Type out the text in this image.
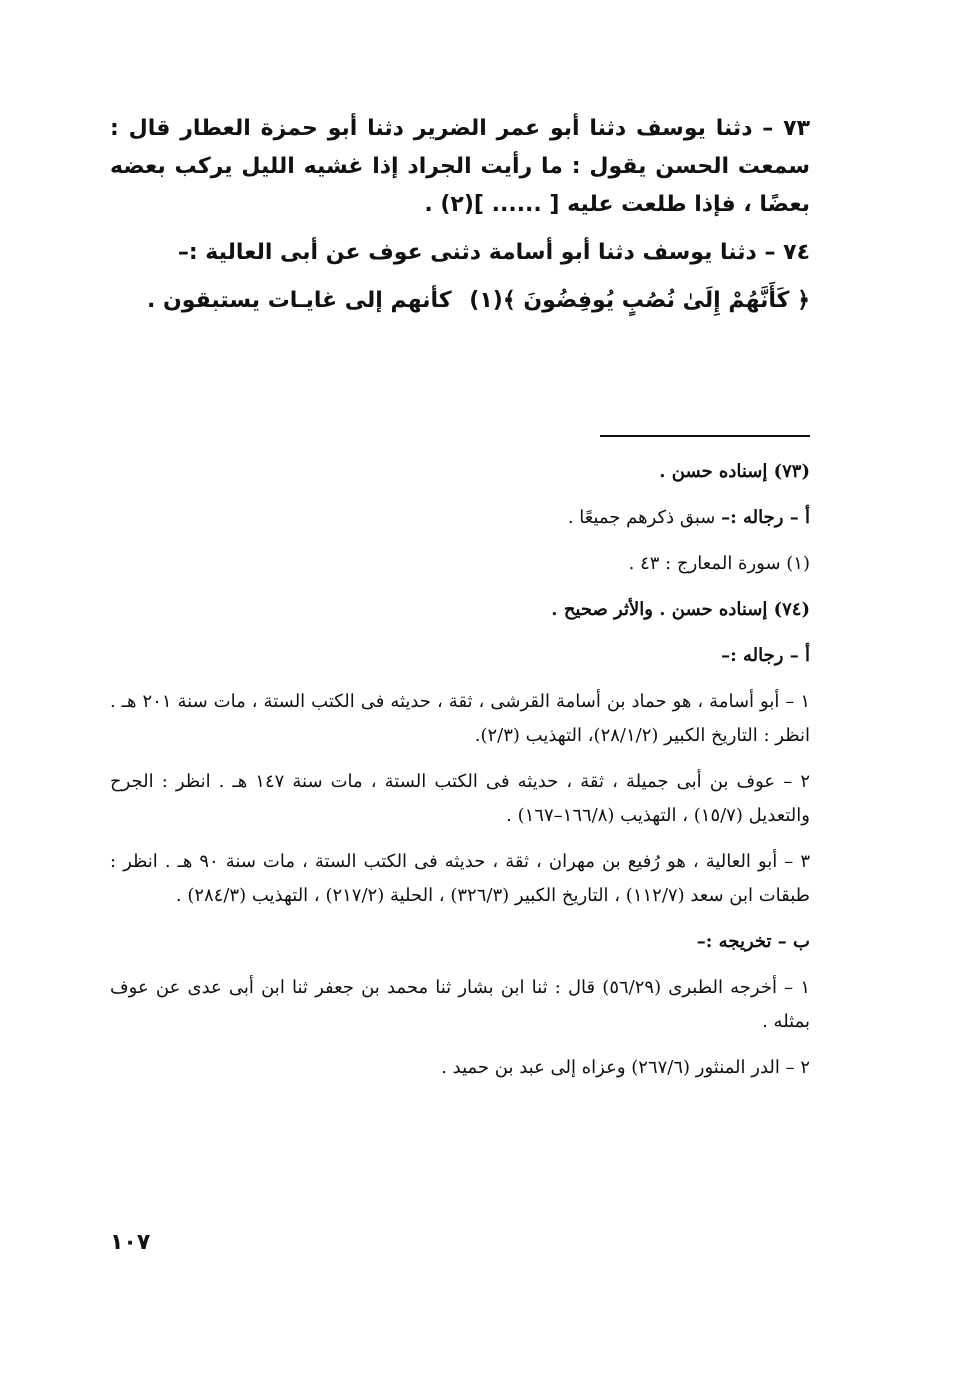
٧٣ – دثنا يوسف دثنا أبو عمر الضرير دثنا أبو حمزة العطار قال : سمعت الحسن يقول : ما رأيت الجراد إذا غشيه الليل يركب بعضه بعضًا ، فإذا طلعت عليه [ ...... ](٢) .

٧٤ – دثنا يوسف دثنا أبو أسامة دثنى عوف عن أبى العالية :–

﴿ كَأَنَّهُمْ إِلَىٰ نُصُبٍ يُوفِضُونَ ﴾(١) كأنهم إلى غايـات يستبقون .

(٧٣) إسناده حسن .

أ – رجاله :– سبق ذكرهم جميعًا .

(١) سورة المعارج : ٤٣ .

(٧٤) إسناده حسن . والأثر صحيح .

أ – رجاله :–

١ – أبو أسامة ، هو حماد بن أسامة القرشى ، ثقة ، حديثه فى الكتب الستة ، مات سنة ٢٠١ هـ . انظر : التاريخ الكبير (٢٨/١/٢)، التهذيب (٢/٣).

٢ – عوف بن أبى جميلة ، ثقة ، حديثه فى الكتب الستة ، مات سنة ١٤٧ هـ . انظر : الجرح والتعديل (١٥/٧) ، التهذيب (١٦٦/٨–١٦٧) .

٣ – أبو العالية ، هو رُفيع بن مهران ، ثقة ، حديثه فى الكتب الستة ، مات سنة ٩٠ هـ . انظر : طبقات ابن سعد (١١٢/٧) ، التاريخ الكبير (٣٢٦/٣) ، الحلية (٢١٧/٢) ، التهذيب (٢٨٤/٣) .

ب – تخريجه :–

١ – أخرجه الطبرى (٥٦/٢٩) قال : ثنا ابن بشار ثنا محمد بن جعفر ثنا ابن أبى عدى عن عوف بمثله .

٢ – الدر المنثور (٢٦٧/٦) وعزاه إلى عبد بن حميد .

١٠٧
